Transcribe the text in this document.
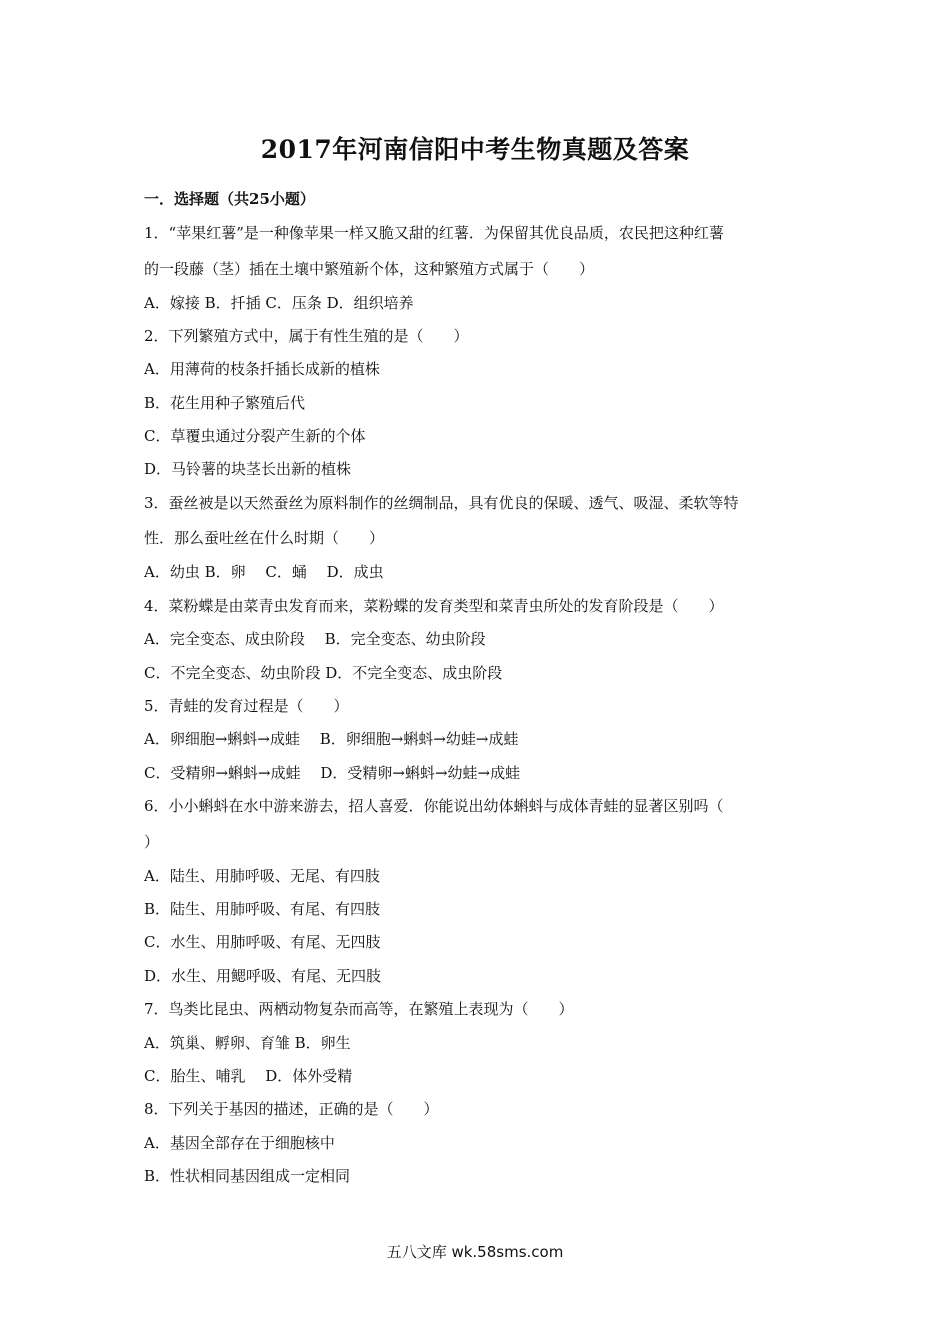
2017年河南信阳中考生物真题及答案
一．选择题（共25小题）
1．“苹果红薯”是一种像苹果一样又脆又甜的红薯．为保留其优良品质，农民把这种红薯
的一段藤（茎）插在土壤中繁殖新个体，这种繁殖方式属于（　　）
A．嫁接 B．扦插 C．压条 D．组织培养
2．下列繁殖方式中，属于有性生殖的是（　　）
A．用薄荷的枝条扦插长成新的植株
B．花生用种子繁殖后代
C．草覆虫通过分裂产生新的个体
D．马铃薯的块茎长出新的植株
3．蚕丝被是以天然蚕丝为原料制作的丝绸制品，具有优良的保暖、透气、吸湿、柔软等特
性．那么蚕吐丝在什么时期（　　）
A．幼虫 B．卵　 C．蛹　 D．成虫
4．菜粉蝶是由菜青虫发育而来，菜粉蝶的发育类型和菜青虫所处的发育阶段是（　　）
A．完全变态、成虫阶段　 B．完全变态、幼虫阶段
C．不完全变态、幼虫阶段 D．不完全变态、成虫阶段
5．青蛙的发育过程是（　　）
A．卵细胞→蝌蚪→成蛙　 B．卵细胞→蝌蚪→幼蛙→成蛙
C．受精卵→蝌蚪→成蛙　 D．受精卵→蝌蚪→幼蛙→成蛙
6．小小蝌蚪在水中游来游去，招人喜爱．你能说出幼体蝌蚪与成体青蛙的显著区别吗（
）
A．陆生、用肺呼吸、无尾、有四肢
B．陆生、用肺呼吸、有尾、有四肢
C．水生、用肺呼吸、有尾、无四肢
D．水生、用鳃呼吸、有尾、无四肢
7．鸟类比昆虫、两栖动物复杂而高等，在繁殖上表现为（　　）
A．筑巢、孵卵、育雏 B．卵生
C．胎生、哺乳　 D．体外受精
8．下列关于基因的描述，正确的是（　　）
A．基因全部存在于细胞核中
B．性状相同基因组成一定相同
五八文库 wk.58sms.com
